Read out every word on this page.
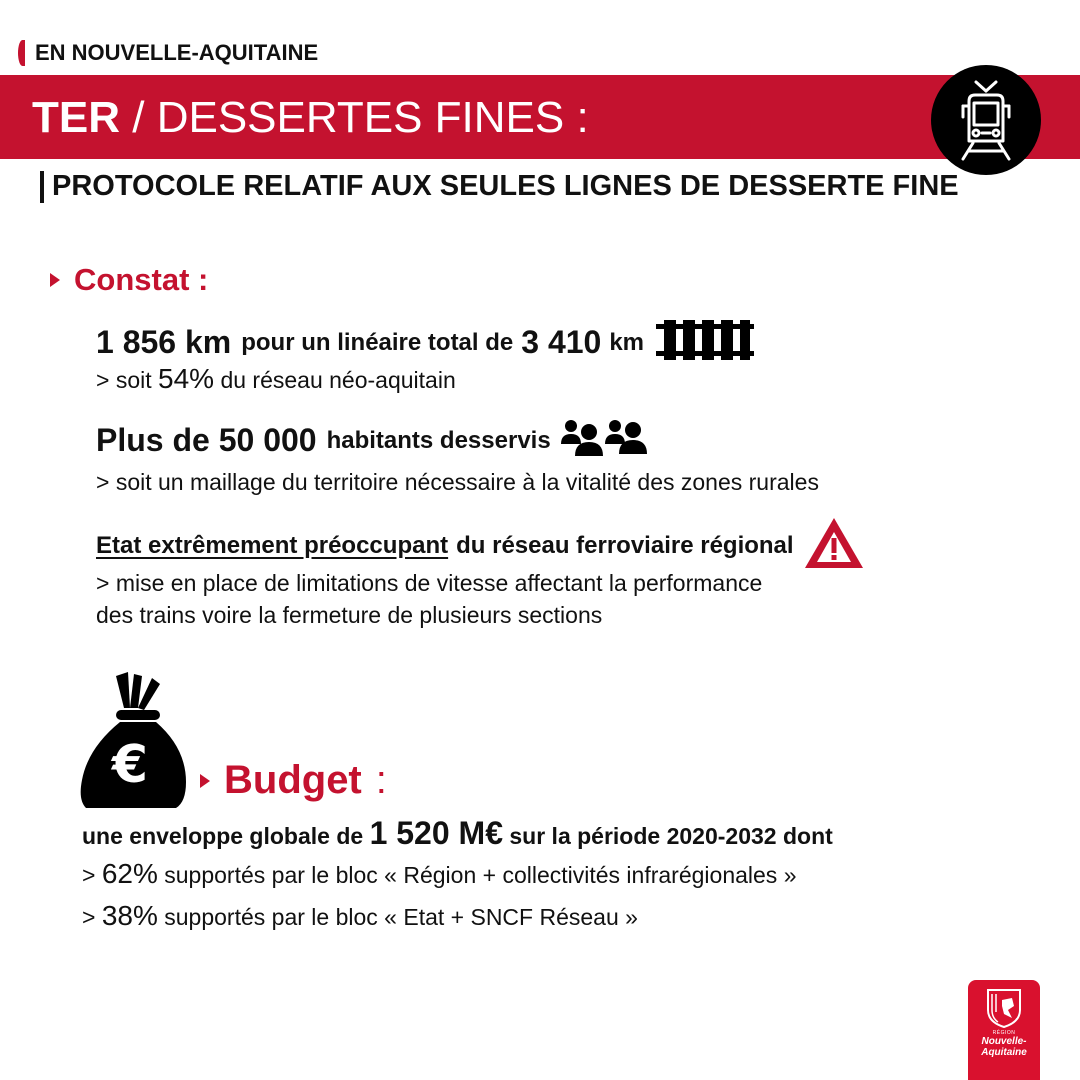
EN NOUVELLE-AQUITAINE
TER / DESSERTES FINES :
PROTOCOLE RELATIF AUX SEULES LIGNES DE DESSERTE FINE
Constat :
1 856 km pour un linéaire total de 3 410 km
> soit 54% du réseau néo-aquitain
Plus de 50 000 habitants desservis
> soit un maillage du territoire nécessaire à la vitalité des zones rurales
Etat extrêmement préoccupant du réseau ferroviaire régional
> mise en place de limitations de vitesse affectant la performance
des trains voire la fermeture de plusieurs sections
€ Budget :
une enveloppe globale de 1 520 M€ sur la période 2020-2032 dont
> 62% supportés par le bloc « Région + collectivités infrarégionales »
> 38% supportés par le bloc « Etat + SNCF Réseau »
RÉGION
Nouvelle-
Aquitaine
